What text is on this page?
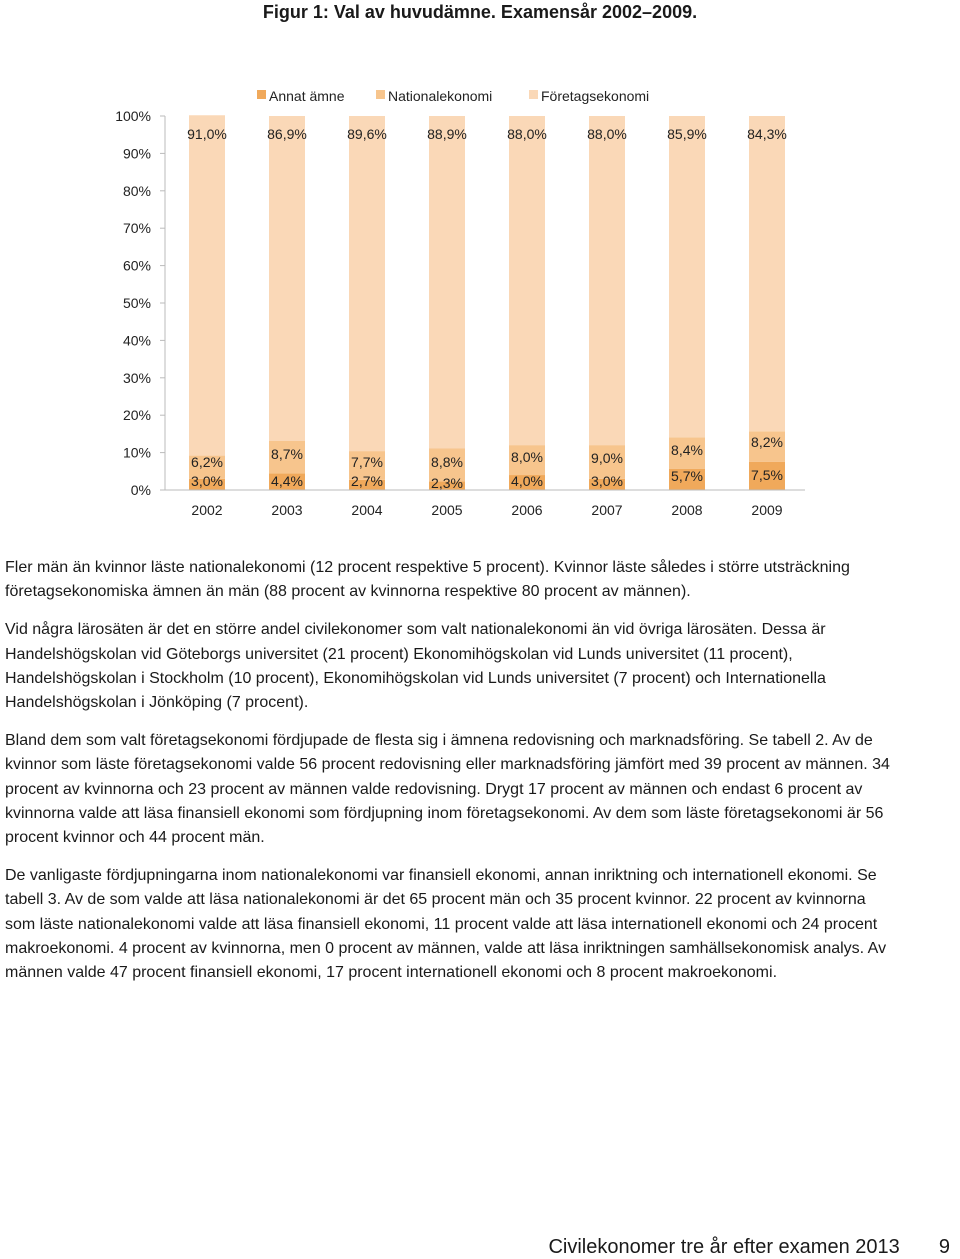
Figur 1: Val av huvudämne. Examensår 2002–2009.
0%
10%
20%
30%
40%
50%
60%
70%
80%
90%
100%
Annat ämne	Nationalekonomi	Företagsekonomi
3,0%	4,4%	2,7%	2,3%	4,0%	3,0%	5,7%	7,5%
6,2%	8,7%	7,7%	8,8%	8,0%	9,0%	8,4%	8,2%
91,0%	86,9%	89,6%	88,9%	88,0%	88,0%	85,9%	84,3%
2002	2003	2004	2005	2006	2007	2008	2009

Fler män än kvinnor läste nationalekonomi (12 procent respektive 5 procent). Kvinnor läste således i större utsträckning företagsekonomiska ämnen än män (88 procent av kvinnorna respektive 80 procent av männen).

Vid några lärosäten är det en större andel civilekonomer som valt nationalekonomi än vid övriga lärosäten. Dessa är Handelshögskolan vid Göteborgs universitet (21 procent) Ekonomihögskolan vid Lunds universitet (11 procent), Handelshögskolan i Stockholm (10 procent), Ekonomihögskolan vid Lunds universitet (7 procent) och Internationella Handelshögskolan i Jönköping (7 procent).

Bland dem som valt företagsekonomi fördjupade de flesta sig i ämnena redovisning och marknadsföring. Se tabell 2. Av de kvinnor som läste företagsekonomi valde 56 procent redovisning eller marknadsföring jämfört med 39 procent av männen. 34 procent av kvinnorna och 23 procent av männen valde redovisning. Drygt 17 procent av männen och endast 6 procent av kvinnorna valde att läsa finansiell ekonomi som fördjupning inom företagsekonomi. Av dem som läste företagsekonomi är 56 procent kvinnor och 44 procent män.

De vanligaste fördjupningarna inom nationalekonomi var finansiell ekonomi, annan inriktning och internationell ekonomi. Se tabell 3. Av de som valde att läsa nationalekonomi är det 65 procent män och 35 procent kvinnor. 22 procent av kvinnorna som läste nationalekonomi valde att läsa finansiell ekonomi, 11 procent valde att läsa internationell ekonomi och 24 procent makroekonomi. 4 procent av kvinnorna, men 0 procent av männen, valde att läsa inriktningen samhällsekonomisk analys. Av männen valde 47 procent finansiell ekonomi, 17 procent internationell ekonomi och 8 procent makroekonomi.

Civilekonomer tre år efter examen 2013 9
